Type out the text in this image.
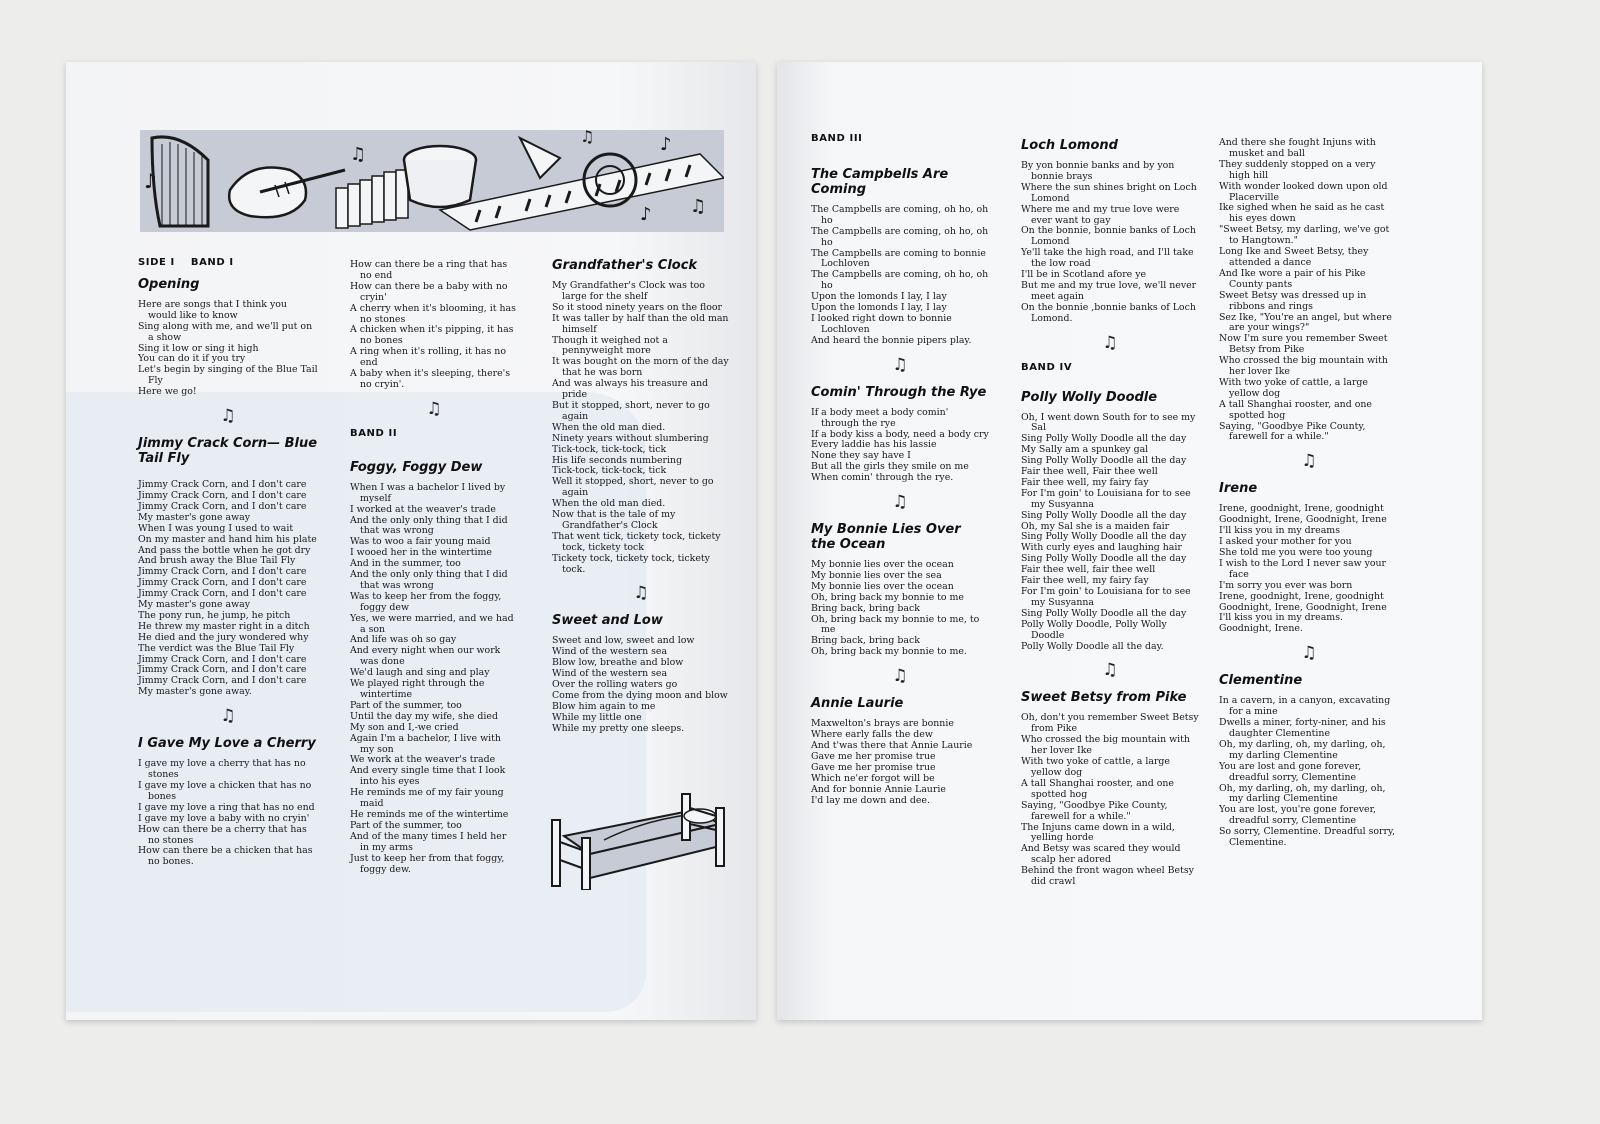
♪
♫
♫	♪
♪ ♫
SIDE I BAND I
Opening
Here are songs that I think you would like to know
Sing along with me, and we'll put on a show
Sing it low or sing it high
You can do it if you try
Let's begin by singing of the Blue Tail Fly
Here we go!
♫
Jimmy Crack Corn— Blue Tail Fly
Jimmy Crack Corn, and I don't care
Jimmy Crack Corn, and I don't care
Jimmy Crack Corn, and I don't care
My master's gone away
When I was young I used to wait
On my master and hand him his plate
And pass the bottle when he got dry
And brush away the Blue Tail Fly
Jimmy Crack Corn, and I don't care
Jimmy Crack Corn, and I don't care
Jimmy Crack Corn, and I don't care
My master's gone away
The pony run, he jump, he pitch
He threw my master right in a ditch
He died and the jury wondered why
The verdict was the Blue Tail Fly
Jimmy Crack Corn, and I don't care
Jimmy Crack Corn, and I don't care
Jimmy Crack Corn, and I don't care
My master's gone away.
♫
I Gave My Love a Cherry
I gave my love a cherry that has no stones
I gave my love a chicken that has no bones
I gave my love a ring that has no end
I gave my love a baby with no cryin'
How can there be a cherry that has no stones
How can there be a chicken that has no bones.
How can there be a ring that has no end
How can there be a baby with no cryin'
A cherry when it's blooming, it has no stones
A chicken when it's pipping, it has no bones
A ring when it's rolling, it has no end
A baby when it's sleeping, there's no cryin'.
♫
BAND II
Foggy, Foggy Dew
When I was a bachelor I lived by myself
I worked at the weaver's trade
And the only only thing that I did that was wrong
Was to woo a fair young maid
I wooed her in the wintertime
And in the summer, too
And the only only thing that I did that was wrong
Was to keep her from the foggy, foggy dew
Yes, we were married, and we had a son
And life was oh so gay
And every night when our work was done
We'd laugh and sing and play
We played right through the wintertime
Part of the summer, too
Until the day my wife, she died
My son and I,-we cried
Again I'm a bachelor, I live with my son
We work at the weaver's trade
And every single time that I look into his eyes
He reminds me of my fair young maid
He reminds me of the wintertime
Part of the summer, too
And of the many times I held her in my arms
Just to keep her from that foggy, foggy dew.
Grandfather's Clock
My Grandfather's Clock was too large for the shelf
So it stood ninety years on the floor
It was taller by half than the old man himself
Though it weighed not a pennyweight more
It was bought on the morn of the day that he was born
And was always his treasure and pride
But it stopped, short, never to go again
When the old man died.
Ninety years without slumbering
Tick-tock, tick-tock, tick
His life seconds numbering
Tick-tock, tick-tock, tick
Well it stopped, short, never to go again
When the old man died.
Now that is the tale of my Grandfather's Clock
That went tick, tickety tock, tickety tock, tickety tock
Tickety tock, tickety tock, tickety tock.
♫
Sweet and Low
Sweet and low, sweet and low
Wind of the western sea
Blow low, breathe and blow
Wind of the western sea
Over the rolling waters go
Come from the dying moon and blow
Blow him again to me
While my little one
While my pretty one sleeps.
BAND III
The Campbells Are Coming
The Campbells are coming, oh ho, oh ho
The Campbells are coming, oh ho, oh ho
The Campbells are coming to bonnie Lochloven
The Campbells are coming, oh ho, oh ho
Upon the lomonds I lay, I lay
Upon the lomonds I lay, I lay
I looked right down to bonnie Lochloven
And heard the bonnie pipers play.
♫
Comin' Through the Rye
If a body meet a body comin' through the rye
If a body kiss a body, need a body cry
Every laddie has his lassie
None they say have I
But all the girls they smile on me
When comin' through the rye.
♫
My Bonnie Lies Over the Ocean
My bonnie lies over the ocean
My bonnie lies over the sea
My bonnie lies over the ocean
Oh, bring back my bonnie to me
Bring back, bring back
Oh, bring back my bonnie to me, to me
Bring back, bring back
Oh, bring back my bonnie to me.
♫
Annie Laurie
Maxwelton's brays are bonnie
Where early falls the dew
And t'was there that Annie Laurie
Gave me her promise true
Gave me her promise true
Which ne'er forgot will be
And for bonnie Annie Laurie
I'd lay me down and dee.
Loch Lomond
By yon bonnie banks and by yon bonnie brays
Where the sun shines bright on Loch Lomond
Where me and my true love were ever want to gay
On the bonnie, bonnie banks of Loch Lomond
Ye'll take the high road, and I'll take the low road
I'll be in Scotland afore ye
But me and my true love, we'll never meet again
On the bonnie ,bonnie banks of Loch Lomond.
♫
BAND IV
Polly Wolly Doodle
Oh, I went down South for to see my Sal
Sing Polly Wolly Doodle all the day
My Sally am a spunkey gal
Sing Polly Wolly Doodle all the day
Fair thee well, Fair thee well
Fair thee well, my fairy fay
For I'm goin' to Louisiana for to see my Susyanna
Sing Polly Wolly Doodle all the day
Oh, my Sal she is a maiden fair
Sing Polly Wolly Doodle all the day
With curly eyes and laughing hair
Sing Polly Wolly Doodle all the day
Fair thee well, fair thee well
Fair thee well, my fairy fay
For I'm goin' to Louisiana for to see my Susyanna
Sing Polly Wolly Doodle all the day
Polly Wolly Doodle, Polly Wolly Doodle
Polly Wolly Doodle all the day.
♫
Sweet Betsy from Pike
Oh, don't you remember Sweet Betsy from Pike
Who crossed the big mountain with her lover Ike
With two yoke of cattle, a large yellow dog
A tall Shanghai rooster, and one spotted hog
Saying, "Goodbye Pike County, farewell for a while."
The Injuns came down in a wild, yelling horde
And Betsy was scared they would scalp her adored
Behind the front wagon wheel Betsy did crawl
And there she fought Injuns with musket and ball
They suddenly stopped on a very high hill
With wonder looked down upon old Placerville
Ike sighed when he said as he cast his eyes down
"Sweet Betsy, my darling, we've got to Hangtown."
Long Ike and Sweet Betsy, they attended a dance
And Ike wore a pair of his Pike County pants
Sweet Betsy was dressed up in ribbons and rings
Sez Ike, "You're an angel, but where are your wings?"
Now I'm sure you remember Sweet Betsy from Pike
Who crossed the big mountain with her lover Ike
With two yoke of cattle, a large yellow dog
A tall Shanghai rooster, and one spotted hog
Saying, "Goodbye Pike County, farewell for a while."
♫
Irene
Irene, goodnight, Irene, goodnight
Goodnight, Irene, Goodnight, Irene
I'll kiss you in my dreams
I asked your mother for you
She told me you were too young
I wish to the Lord I never saw your face
I'm sorry you ever was born
Irene, goodnight, Irene, goodnight
Goodnight, Irene, Goodnight, Irene
I'll kiss you in my dreams.
Goodnight, Irene.
♫
Clementine
In a cavern, in a canyon, excavating for a mine
Dwells a miner, forty-niner, and his daughter Clementine
Oh, my darling, oh, my darling, oh, my darling Clementine
You are lost and gone forever, dreadful sorry, Clementine
Oh, my darling, oh, my darling, oh, my darling Clementine
You are lost, you're gone forever, dreadful sorry, Clementine
So sorry, Clementine. Dreadful sorry, Clementine.
